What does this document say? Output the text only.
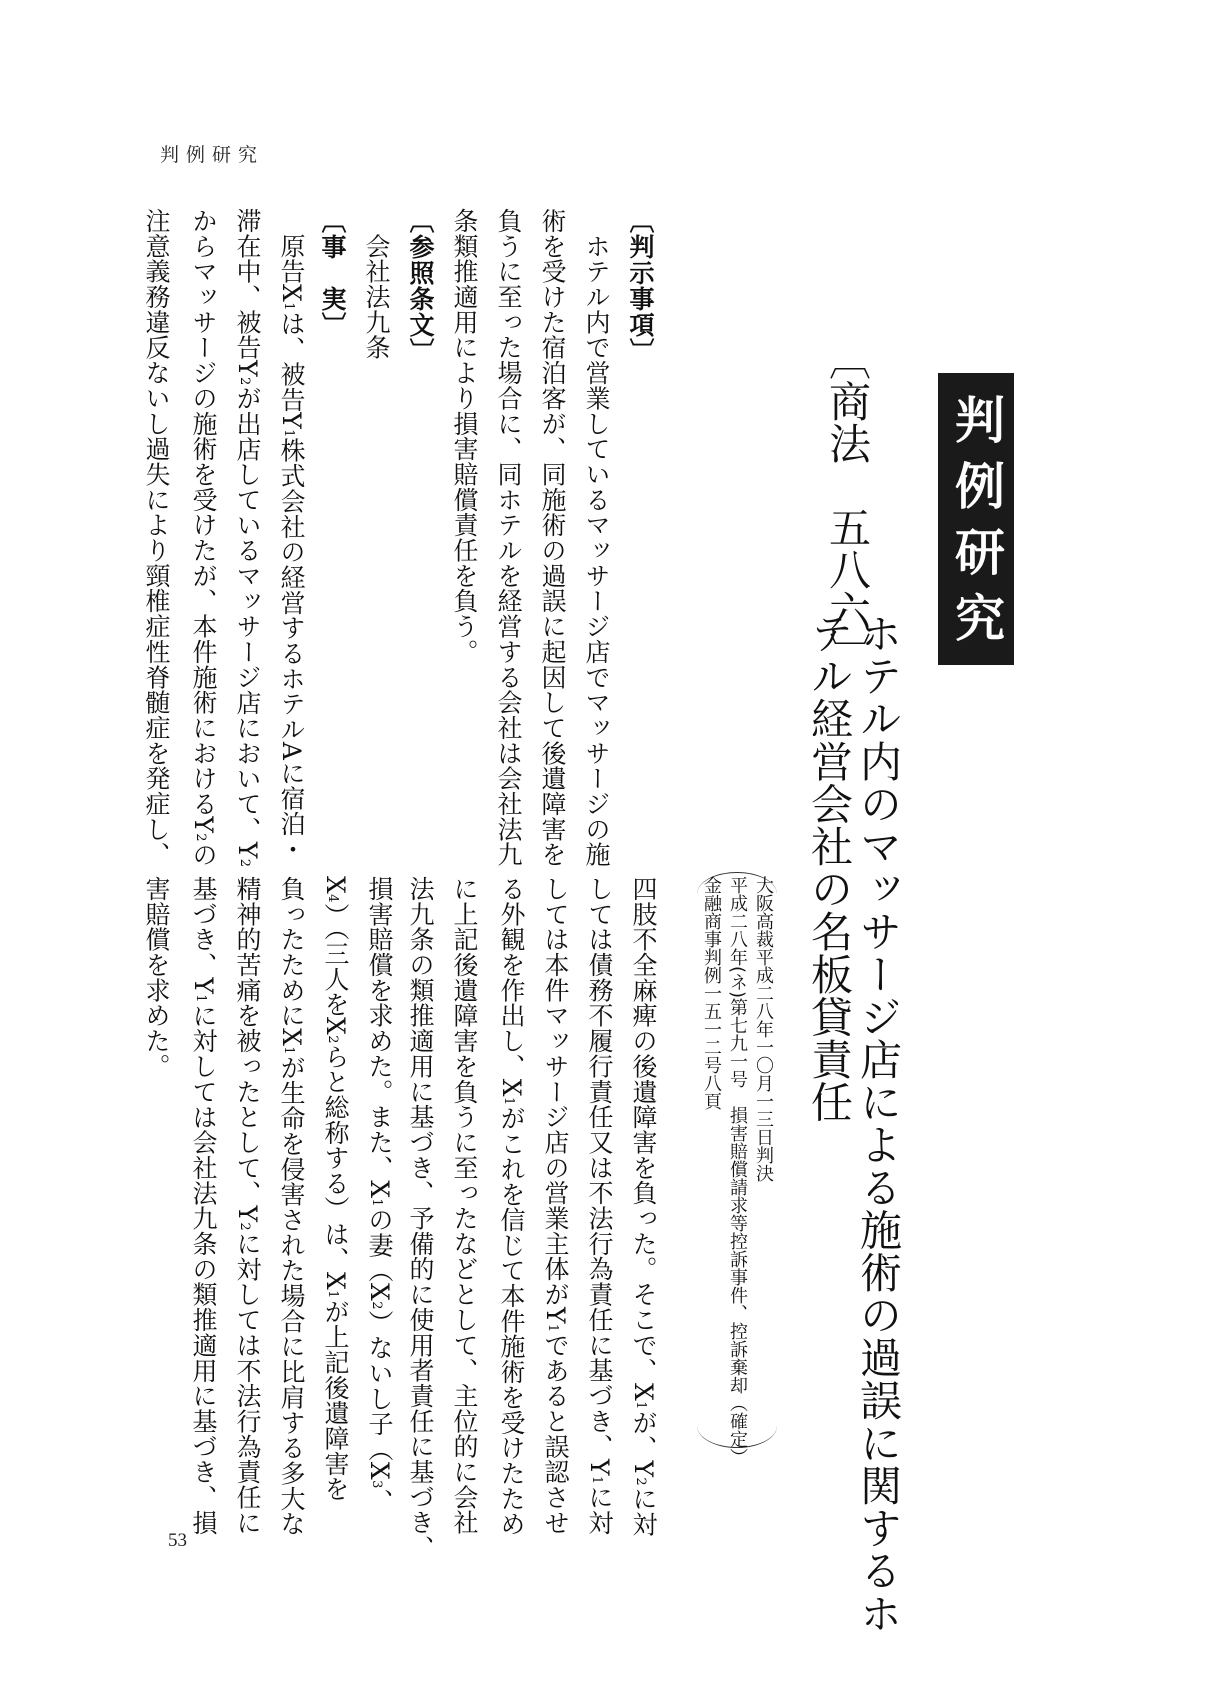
判例研究
判例研究
〔商法　五八六〕
ホテル内のマッサージ店による施術の過誤に関するホ
テル経営会社の名板貸責任
大阪高裁平成二八年一〇月一三日判決
平成二八年(ネ)第七九一号　損害賠償請求等控訴事件、控訴棄却（確定）
金融商事判例一五一二号八頁
〔判示事項〕
　ホテル内で営業しているマッサージ店でマッサージの施
術を受けた宿泊客が、同施術の過誤に起因して後遺障害を
負うに至った場合に、同ホテルを経営する会社は会社法九
条類推適用により損害賠償責任を負う。
〔参照条文〕
　会社法九条
〔事　実〕
　原告$X_1$は、被告$Y_1$株式会社の経営するホテルAに宿泊・
滞在中、被告$Y_2$が出店しているマッサージ店において、$Y_2$
からマッサージの施術を受けたが、本件施術における$Y_2$の
注意義務違反ないし過失により頸椎症性脊髄症を発症し、
四肢不全麻痺の後遺障害を負った。そこで、$X_1$が、$Y_2$に対
しては債務不履行責任又は不法行為責任に基づき、$Y_1$に対
しては本件マッサージ店の営業主体が$Y_1$であると誤認させ
る外観を作出し、$X_1$がこれを信じて本件施術を受けたため
に上記後遺障害を負うに至ったなどとして、主位的に会社
法九条の類推適用に基づき、予備的に使用者責任に基づき、
損害賠償を求めた。また、$X_1$の妻$(X_2)$ないし子（$X_3$、
$X_4$）（三人を$X_2$らと総称する）は、$X_1$が上記後遺障害を
負ったために$X_1$が生命を侵害された場合に比肩する多大な
精神的苦痛を被ったとして、$Y_2$に対しては不法行為責任に
基づき、$Y_1$に対しては会社法九条の類推適用に基づき、損
害賠償を求めた。
53
